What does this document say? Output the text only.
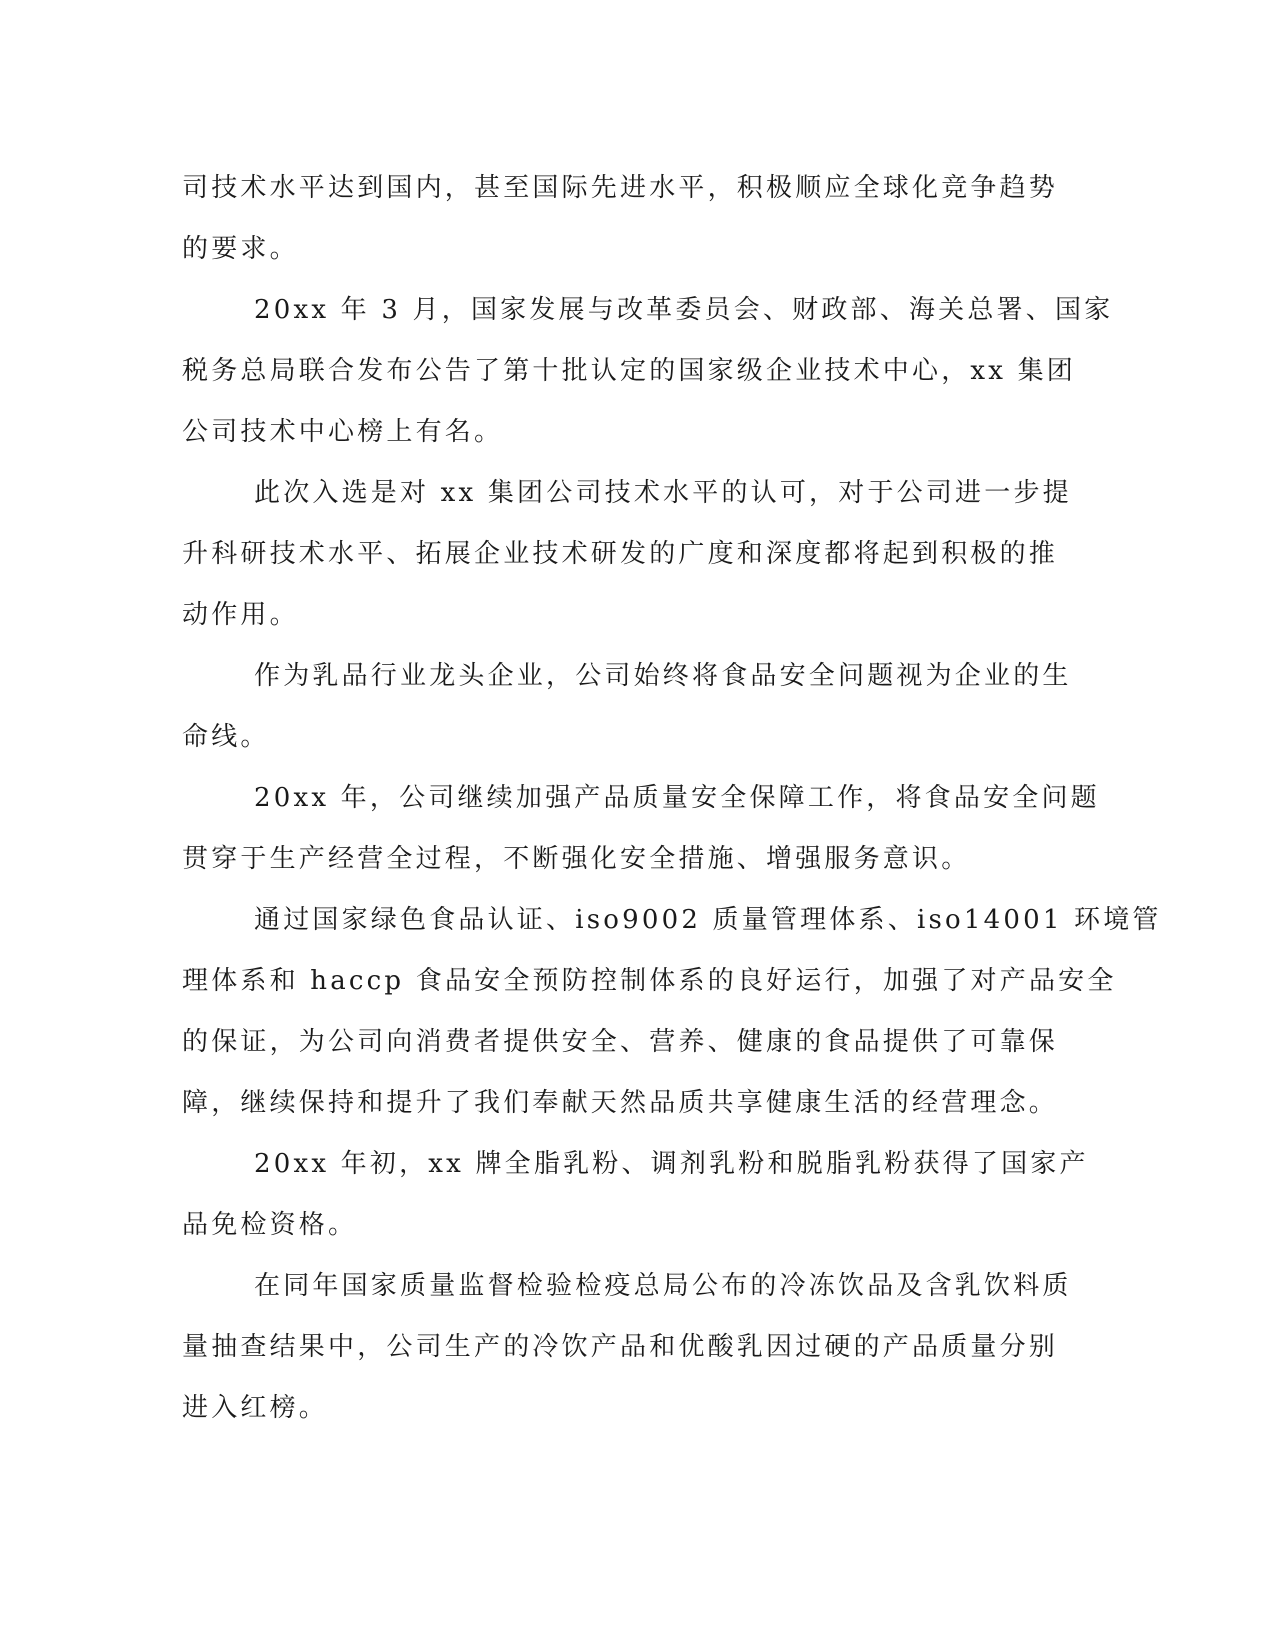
司技术水平达到国内，甚至国际先进水平，积极顺应全球化竞争趋势
的要求。

20xx 年 3 月，国家发展与改革委员会、财政部、海关总署、国家

税务总局联合发布公告了第十批认定的国家级企业技术中心，xx 集团
公司技术中心榜上有名。

此次入选是对 xx 集团公司技术水平的认可，对于公司进一步提

升科研技术水平、拓展企业技术研发的广度和深度都将起到积极的推
动作用。

作为乳品行业龙头企业，公司始终将食品安全问题视为企业的生

命线。

20xx 年，公司继续加强产品质量安全保障工作，将食品安全问题

贯穿于生产经营全过程，不断强化安全措施、增强服务意识。

通过国家绿色食品认证、iso9002 质量管理体系、iso14001 环境管

理体系和 haccp 食品安全预防控制体系的良好运行，加强了对产品安全
的保证，为公司向消费者提供安全、营养、健康的食品提供了可靠保
障，继续保持和提升了我们奉献天然品质共享健康生活的经营理念。

20xx 年初，xx 牌全脂乳粉、调剂乳粉和脱脂乳粉获得了国家产

品免检资格。

在同年国家质量监督检验检疫总局公布的冷冻饮品及含乳饮料质

量抽查结果中，公司生产的冷饮产品和优酸乳因过硬的产品质量分别
进入红榜。
